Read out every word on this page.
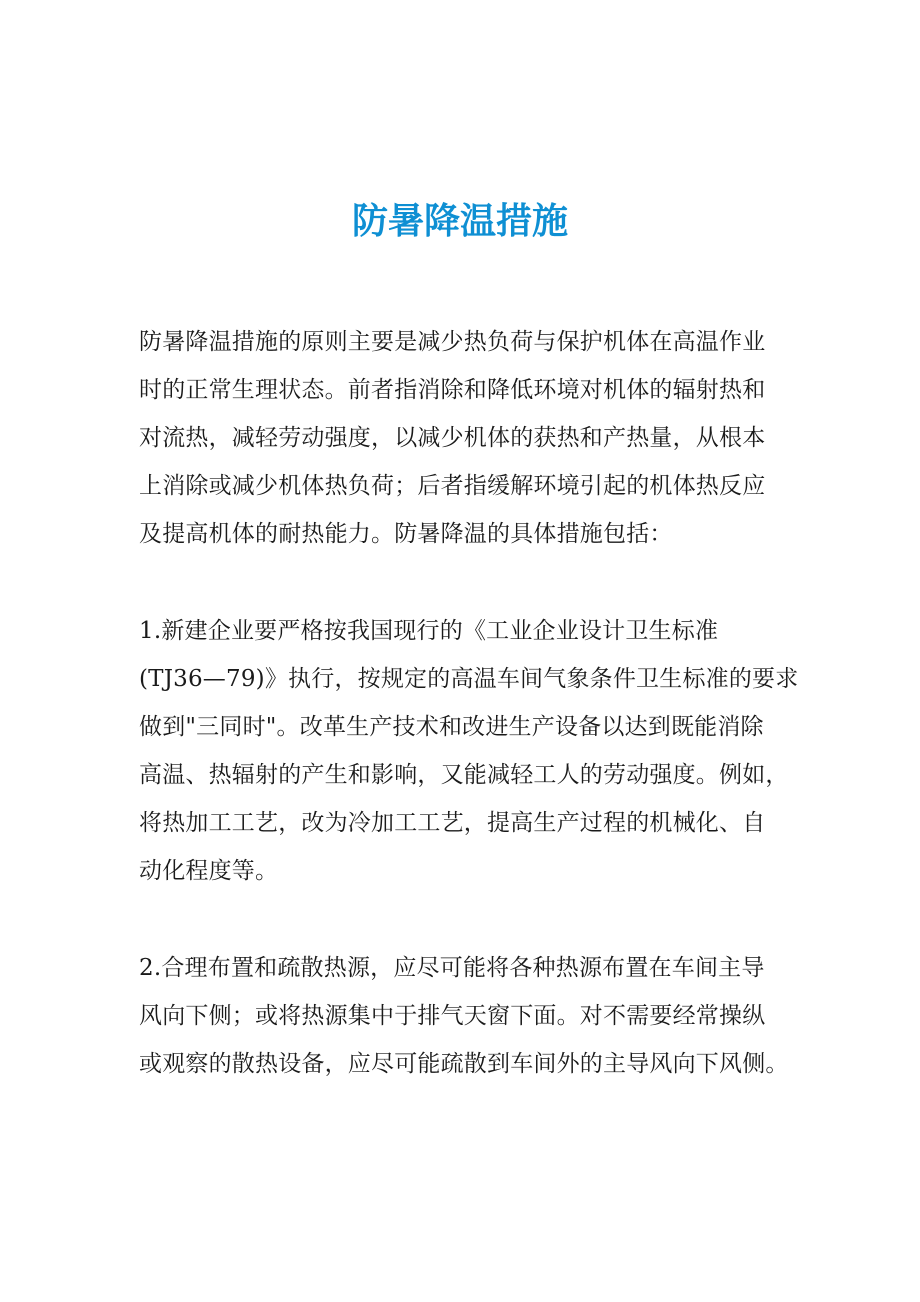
防暑降温措施

防暑降温措施的原则主要是减少热负荷与保护机体在高温作业
时的正常生理状态。前者指消除和降低环境对机体的辐射热和
对流热，减轻劳动强度，以减少机体的获热和产热量，从根本
上消除或减少机体热负荷；后者指缓解环境引起的机体热反应
及提高机体的耐热能力。防暑降温的具体措施包括：

1.新建企业要严格按我国现行的《工业企业设计卫生标准
(TJ36—79)》执行，按规定的高温车间气象条件卫生标准的要求
做到"三同时"。改革生产技术和改进生产设备以达到既能消除
高温、热辐射的产生和影响，又能减轻工人的劳动强度。例如，
将热加工工艺，改为冷加工工艺，提高生产过程的机械化、自
动化程度等。

2.合理布置和疏散热源，应尽可能将各种热源布置在车间主导
风向下侧；或将热源集中于排气天窗下面。对不需要经常操纵
或观察的散热设备，应尽可能疏散到车间外的主导风向下风侧。
